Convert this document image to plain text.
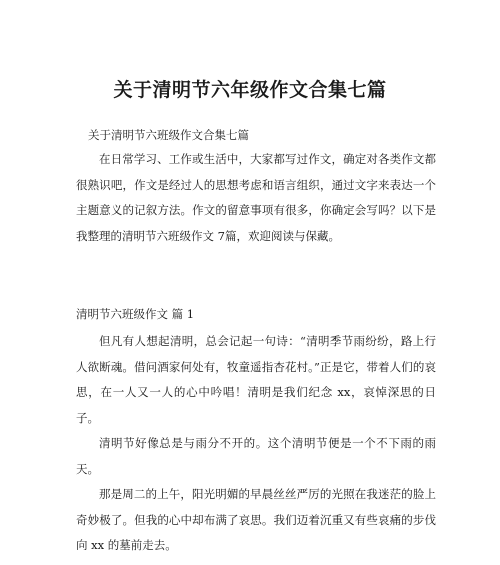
关于清明节六年级作文合集七篇
关于清明节六班级作文合集七篇
在日常学习、工作或生活中，大家都写过作文，确定对各类作文都很熟识吧，作文是经过人的思想考虑和语言组织，通过文字来表达一个主题意义的记叙方法。作文的留意事项有很多，你确定会写吗？以下是我整理的清明节六班级作文 7篇，欢迎阅读与保藏。
清明节六班级作文 篇 1
但凡有人想起清明，总会记起一句诗：“清明季节雨纷纷，路上行人欲断魂。借问酒家何处有，牧童遥指杏花村。”正是它，带着人们的哀思，在一人又一人的心中吟唱！清明是我们纪念 xx，哀悼深思的日子。
清明节好像总是与雨分不开的。这个清明节便是一个不下雨的雨天。
那是周二的上午，阳光明媚的早晨丝丝严厉的光照在我迷茫的脸上奇妙极了。但我的心中却布满了哀思。我们迈着沉重又有些哀痛的步伐向 xx 的墓前走去。
